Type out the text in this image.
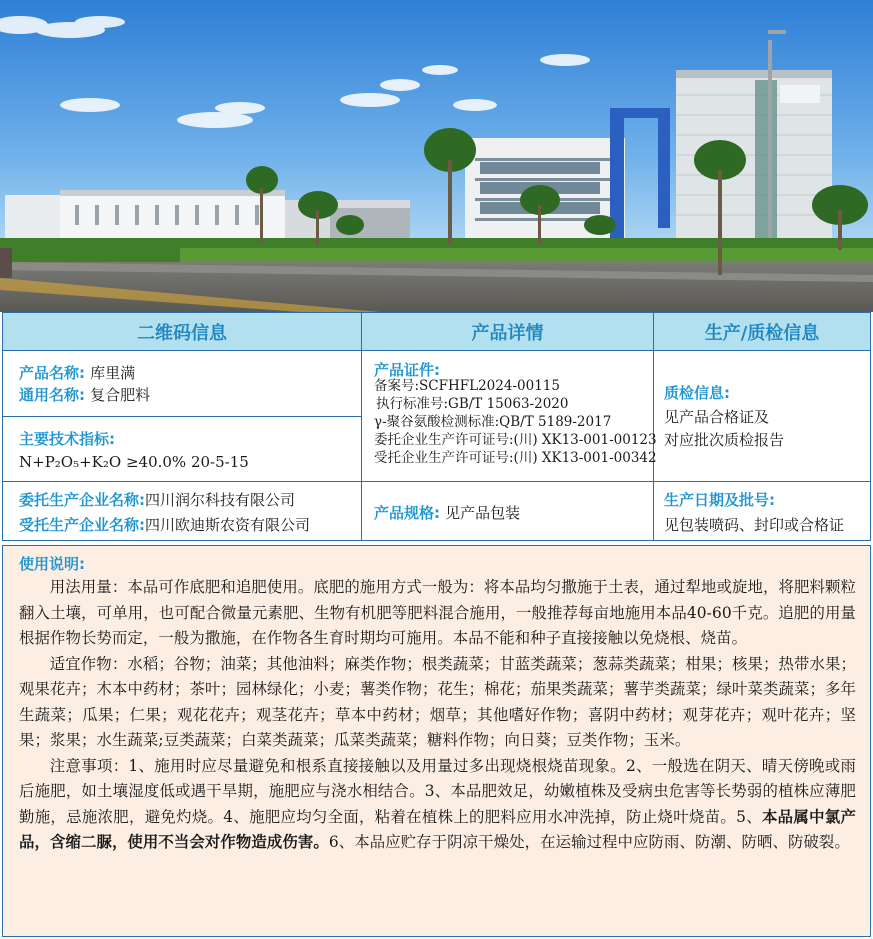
二维码信息	产品详情	生产/质检信息
产品名称: 库里满
通用名称: 复合肥料
主要技术指标:
N+P₂O₅+K₂O ≥40.0% 20-5-15
委托生产企业名称:四川润尔科技有限公司
受托生产企业名称:四川欧迪斯农资有限公司
产品证件:
备案号:SCFHFL2024-00115
执行标准号:GB/T 15063-2020
γ-聚谷氨酸检测标准:QB/T 5189-2017
委托企业生产许可证号:(川) XK13-001-00123
受托企业生产许可证号:(川) XK13-001-00342
产品规格: 见产品包装
质检信息:
见产品合格证及
对应批次质检报告
生产日期及批号:
见包装喷码、封印或合格证
使用说明:

用法用量：本品可作底肥和追肥使用。底肥的施用方式一般为：将本品均匀撒施于土表，通过犁地或旋地，将肥料颗粒翻入土壤，可单用，也可配合微量元素肥、生物有机肥等肥料混合施用，一般推荐每亩地施用本品40-60千克。追肥的用量根据作物长势而定，一般为撒施，在作物各生育时期均可施用。本品不能和种子直接接触以免烧根、烧苗。

适宜作物：水稻；谷物；油菜；其他油料；麻类作物；根类蔬菜；甘蓝类蔬菜；葱蒜类蔬菜；柑果；核果；热带水果；观果花卉；木本中药材；茶叶；园林绿化；小麦；薯类作物；花生；棉花；茄果类蔬菜；薯芋类蔬菜；绿叶菜类蔬菜；多年生蔬菜；瓜果；仁果；观花花卉；观茎花卉；草本中药材；烟草；其他嗜好作物；喜阴中药材；观芽花卉；观叶花卉；坚果；浆果；水生蔬菜;豆类蔬菜；白菜类蔬菜；瓜菜类蔬菜；糖料作物；向日葵；豆类作物；玉米。

注意事项：1、施用时应尽量避免和根系直接接触以及用量过多出现烧根烧苗现象。2、一般选在阴天、晴天傍晚或雨后施肥，如土壤湿度低或遇干旱期，施肥应与浇水相结合。3、本品肥效足，幼嫩植株及受病虫危害等长势弱的植株应薄肥勤施，忌施浓肥，避免灼烧。4、施肥应均匀全面，粘着在植株上的肥料应用水冲洗掉，防止烧叶烧苗。5、本品属中氯产品，含缩二脲，使用不当会对作物造成伤害。6、本品应贮存于阴凉干燥处，在运输过程中应防雨、防潮、防晒、防破裂。
